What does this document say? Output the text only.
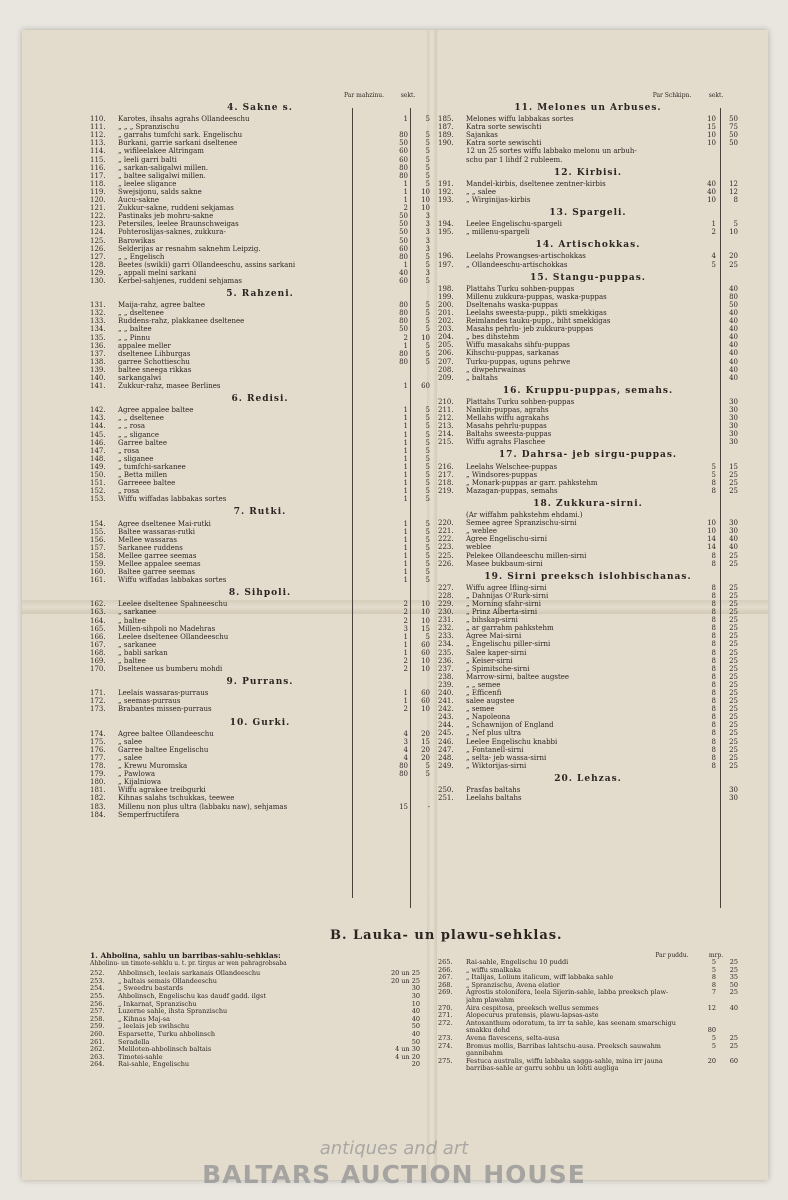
Par mahzinu.	sekt.
4. Sakne s.
110.	Karotes, ihsahs agrahs Ollandeeschu	1	5
111.	„ „ „ Spranzischu
112.	„ garrahs tumfchi sark. Engelischu	80	5
113.	Burkani, garrie sarkani dseltenee	50	5
114.	„ wifileelakee Altringam	60	5
115.	„ leeli garri balti	60	5
116.	„ sarkan-saligalwi millen.	80	5
117.	„ baltee saligalwi millen.	80	5
118.	„ leelee sligance	1	5
119.	Swejsijonu, salds sakne	1	10
120.	Aucu-sakne	1	10
121.	Zukkur-sakne, ruddeni sekjamas	2	10
122.	Pastinaks jeb mohru-sakne	50	3
123.	Petersiles, leelee Braunschweigas	50	3
124.	Pohteroslijas-saknes, zukkura-	50	3
125.	Barowikas	50	3
126.	Selderijas ar resnahm saknehm Leipzig.	60	3
127.	„ „ Engelisch	80	5
128.	Beetes (swikli) garri Ollandeeschu, assins sarkani	1	5
129.	„ appali melni sarkani	40	3
130.	Kerbel-sahjenes, ruddeni sehjamas	60	5
5. Rahzeni.
131.	Maija-rahz, agree baltee	80	5
132.	„ „ dseltenee	80	5
133.	Ruddens-rahz, plakkanee dseltenee	80	5
134.	„ „ baltee	50	5
135.	„ „ Pinnu	2	10
136.	appalee meller	1	5
137.	dseltenee Lihburgas	80	5
138.	garree Schottieschu	80	5
139.	baltee sneega rikkas
140.	sarkangalwi
141.	Zukkur-rahz, masee Berlines	1	60
6. Redisi.
142.	Agree appalee baltee	1	5
143.	„ „ dseltenee	1	5
144.	„ „ rosa	1	5
145.	„ „ sligance	1	5
146.	Garree baltee	1	5
147.	„ rosa	1	5
148.	„ sliganee	1	5
149.	„ tumfchi-sarkanee	1	5
150.	„ Betta millen	1	5
151.	Garreeee baltee	1	5
152.	„ rosa	1	5
153.	Wiffu wiffadas labbakas sortes	1	5
7. Rutki.
154.	Agree dseltenee Mai-rutki	1	5
155.	Baltee wassaras-rutki	1	5
156.	Mellee wassaras	1	5
157.	Sarkanee ruddens	1	5
158.	Mellee garree seemas	1	5
159.	Mellee appalee seemas	1	5
160.	Baltee garree seemas	1	5
161.	Wiffu wiffadas labbakas sortes	1	5
8. Sihpoli.
162.	Leelee dseltenee Spahneeschu	2	10
163.	„ sarkanee	2	10
164.	„ baltee	2	10
165.	Millen-sihpoli no Madehras	3	15
166.	Leelee dseltenee Ollandeeschu	1	5
167.	„ sarkanee	1	60
168.	„ babli sarkan	1	60
169.	„ baltee	2	10
170.	Dseltenee us bumberu mohdi	2	10
9. Purrans.
171.	Leelais wassaras-purraus	1	60
172.	„ seemas-purraus	1	60
173.	Brabantes missen-purraus	2	10
10. Gurki.
174.	Agree baltee Ollandeeschu	4	20
175.	„ salee	3	15
176.	Garree baltee Engelischu	4	20
177.	„ salee	4	20
178.	„ Krewu Muromska	80	5
179.	„ Pawlowa	80	5
180.	„ Kijalniowa
181.	Wiffu agrakee treibgurki
182.	Kihnas salahs tschukkas, teewee
183.	Millenu non plus ultra (labbaku naw), sehjamas	15	-
184.	Semperfructifera
Par Schkipn.	sekt.
11. Melones un Arbuses.
185.	Melones wiffu labbakas sortes	10	50
187.	Katra sorte sewischti	15	75
189.	Sajankas	10	50
190.	Katra sorte sewischti	10	50
12 un 25 sortes wiffu labbako melonu un arbuh-
schu par 1 lihdf 2 rubleem.
12. Kirbisi.
191.	Mandel-kirbis, dseltenee zentner-kirbis	40	12
192.	„ „ salee	40	12
193.	„ Wirginijas-kirbis	10	8
13. Spargeli.
194.	Leelee Engelischu-spargeli	1	5
195.	„ millenu-spargeli	2	10
14. Artischokkas.
196.	Leelahs Prowangses-artischokkas	4	20
197.	„ Ollandeeschu-artischokkas	5	25
15. Stangu-puppas.
198.	Plattahs Turku sohben-puppas	40
199.	Millenu zukkura-puppas, waska-puppas	80
200.	Dseltenahs waska-puppas	50
201.	Leelahs sweesta-pupp., pikti smekkigas	40
202.	Reimlandes tauku-pupp., biht smekkigas	40
203.	Masahs pehrlu- jeb zukkura-puppas	40
204.	„ bes dihstehm	40
205.	Wiffu masakahs sihfu-puppas	40
206.	Kihschu-puppas, sarkanas	40
207.	Turku-puppas, uguns pehrwe	40
208.	„ diwpehrwainas	40
209.	„ baltahs	40
16. Kruppu-puppas, semahs.
210.	Plattahs Turku sohben-puppas	30
211.	Nankin-puppas, agrahs	30
212.	Mellahs wiffu agrakahs	30
213.	Masahs pehrlu-puppas	30
214.	Baltahs sweesta-puppas	30
215.	Wiffu agrahs Flaschee	30
17. Dahrsa- jeb sirgu-puppas.
216.	Leelahs Welschee-puppas	5	15
217.	„ Windsores-puppas	5	25
218.	„ Monark-puppas ar garr. pahkstehm	8	25
219.	Mazagan-puppas, semahs	8	25
18. Zukkura-sirni.
(Ar wiffahm pahkstehm ehdami.)
220.	Semee agree Spranzischu-sirni	10	30
221.	„ weblee	10	30
222.	Agree Engelischu-sirni	14	40
223.	weblee	14	40
225.	Pelekee Ollandeeschu millen-sirni	8	25
226.	Masee bukbaum-sirni	8	25
19. Sirni preeksch islohbischanas.
227.	Wiffu agree Ifling-sirni	8	25
228.	„ Dahnijas O'Rurk-sirni	8	25
229.	„ Morning sfahr-sirni	8	25
230.	„ Prinz Alberta-sirni	8	25
231.	„ bihskap-sirni	8	25
232.	„ ar garrahm pahkstehm	8	25
233.	Agree Mai-sirni	8	25
234.	„ Engelischu piller-sirni	8	25
235.	Salee kaper-sirni	8	25
236.	„ Keiser-sirni	8	25
237.	„ Spimitsche-sirni	8	25
238.	Marrow-sirni, baltee augstee	8	25
239.	„ „ semee	8	25
240.	„ Efficenfi	8	25
241.	salee augstee	8	25
242.	„ semee	8	25
243.	„ Napoleona	8	25
244.	„ Schawnijon of England	8	25
245.	„ Nef plus ultra	8	25
246.	Leelee Engelischu knabbi	8	25
247.	„ Fontanell-sirni	8	25
248.	„ selta- jeb wassa-sirni	8	25
249.	„ Wiktorijas-sirni	8	25
20. Lehzas.
250.	Prasfas baltahs	30
251.	Leelahs baltahs	30
B. Lauka- un plawu-sehklas.
1. Ahbolina, sahlu un barribas-sahlu-sehklas:
Ahbolinu- un timote-sehklu u. t. pr. tirgus ar wen pahragrobsaba
252.	Ahbolinsch, leelais sarkanais Ollandeeschu	20 un 25
253.	„ baltais semais Ollandeeschu	20 un 25
254.	„ Sweedru bastards	30
255.	Ahbolinsch, Engelischu kas daudf gadd. ilgst	30
256.	„ Inkarnat, Spranzischu	10
257.	Luzerne sahle, ihsta Spranzischu	40
258.	„ Kihnas Maj-sa	40
259.	„ leelais jeb swihschu	50
260.	Esparsette, Turku ahbolinsch	40
261.	Seradella	50
262.	Meliloten-ahbolinsch baltais	4 un 30
263.	Timotei-sahle	4 un 20
264.	Rai-sahle, Engelischu	20
Par puddu.	mrp.
265.	Rai-sahle, Engelischu 10 puddi	5	25
266.	„ wiffu smalkaka	5	25
267.	„ Italijas, Lolium italicum, wiff labbaka sahle	8	35
268.	„ Spranzischu, Avena elatior	8	50
269.	Agrostis stolonifera, leela Sijerin-sahle, labba preeksch plaw-	7	25
jahm plawahm
270.	Aira cespitosa, preeksch wellus semmes	12	40
271.	Alopecurus pratensis, plawu-lapsas-aste
272.	Antoxanthum odoratum, ta irr ta sahle, kas seenam smarschigu
smakku dohd	80
273.	Avena flavescens, selta-ausa	5	25
274.	Bromus mollis, Barribas lahtschu-ausa. Preeksch sauwahm	5	25
gannibahm
275.	Festuca australis, wiffu labbaka sagga-sahle, mina irr jauna	20	60
barribas-sahle ar garru sohbu un lohti augliga
antiques and art
BALTARS AUCTION HOUSE
